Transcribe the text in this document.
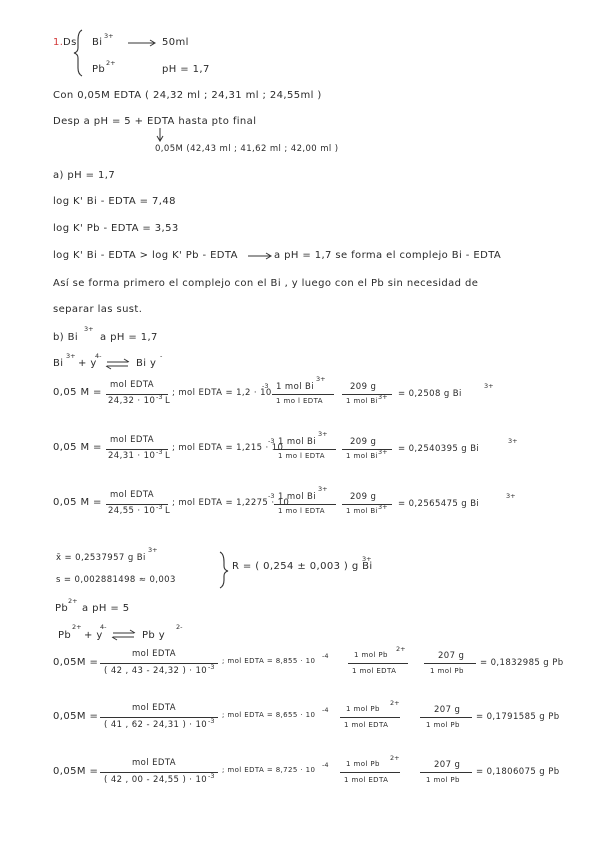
1. Ds Bi
3+
50ml
Pb
2+
pH = 1,7
Con 0,05M EDTA ( 24,32 ml ; 24,31 ml ; 24,55ml )
Desp a pH = 5 + EDTA hasta pto final
0,05M (42,43 ml ; 41,62 ml ; 42,00 ml )
a) pH = 1,7
log K' Bi - EDTA = 7,48
log K' Pb - EDTA = 3,53
log K' Bi - EDTA > log K' Pb - EDTA	a pH = 1,7 se forma el complejo Bi - EDTA
Así se forma primero el complejo con el Bi , y luego con el Pb sin necesidad de
separar las sust.
b) Bi
3+
a pH = 1,7
Bi
3+
+ y
4-
Bi y
-
0,05 M =
mol EDTA
24,32 · 10 -3 L
; mol EDTA = 1,2 · 10
-3 1 mol Bi
3+
1 mo l EDTA
209 g
1 mol Bi 3+ = 0,2508 g Bi
3+
0,05 M =
mol EDTA
24,31 · 10 -3 L
; mol EDTA = 1,215 · 10
-3 1 mol Bi
3+
1 mo l EDTA
209 g
1 mol Bi 3+ = 0,2540395 g Bi
3+
0,05 M =
mol EDTA
24,55 · 10 -3 L
; mol EDTA = 1,2275 · 10
-3 1 mol Bi
3+
1 mo l EDTA
209 g
1 mol Bi 3+ = 0,2565475 g Bi
3+
x̄ = 0,2537957 g Bi
3+
s = 0,002881498 ≈ 0,003
R = ( 0,254 ± 0,003 ) g Bi
3+
Pb
2+
a pH = 5
Pb
2+
+ y
4-
Pb y
2-
0,05M =
mol EDTA
( 42 , 43 - 24,32 ) · 10 -3
; mol EDTA = 8,855 · 10
-4	1 mol Pb
2+
1 mol EDTA
207 g
1 mol Pb
= 0,1832985 g Pb
0,05M =
mol EDTA
( 41 , 62 - 24,31 ) · 10 -3
; mol EDTA = 8,655 · 10
-4	1 mol Pb
2+
1 mol EDTA
207 g
1 mol Pb
= 0,1791585 g Pb
0,05M =
mol EDTA
( 42 , 00 - 24,55 ) · 10 -3
; mol EDTA = 8,725 · 10
-4	1 mol Pb
2+
1 mol EDTA
207 g
1 mol Pb
= 0,1806075 g Pb
